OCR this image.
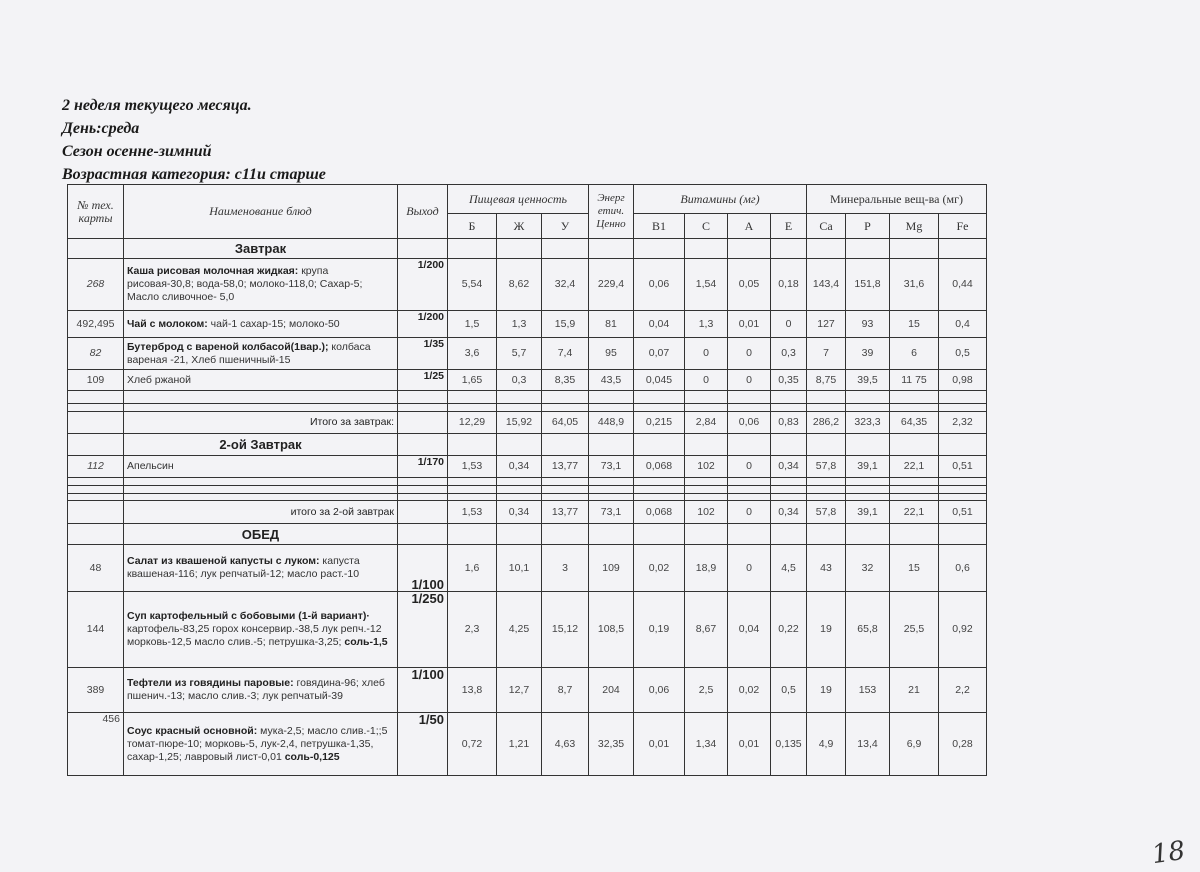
2 неделя текущего месяца.
День:среда
Сезон осенне-зимний
Возрастная категория: с11и старше
№ тех. карты	Наименование блюд	Выход	Пищевая ценность			Энерг етич. Ценно	Витамины (мг)				Минеральные вещ-ва (мг)			
			Б	Ж	У		B1	C	A	E	Ca	P	Mg	Fe
	Завтрак													
268	Каша рисовая молочная жидкая: крупа рисовая-30,8; вода-58,0; молоко-118,0; Сахар-5; Масло сливочное- 5,0	1/200	5,54	8,62	32,4	229,4	0,06	1,54	0,05	0,18	143,4	151,8	31,6	0,44
492,495	Чай с молоком: чай-1 сахар-15; молоко-50	1/200	1,5	1,3	15,9	81	0,04	1,3	0,01	0	127	93	15	0,4
82	Бутерброд с вареной колбасой(1вар.); колбаса вареная -21, Хлеб пшеничный-15	1/35	3,6	5,7	7,4	95	0,07	0	0	0,3	7	39	6	0,5
109	Хлеб ржаной	1/25	1,65	0,3	8,35	43,5	0,045	0	0	0,35	8,75	39,5	11 75	0,98

	Итого за завтрак:		12,29	15,92	64,05	448,9	0,215	2,84	0,06	0,83	286,2	323,3	64,35	2,32
	2-ой Завтрак													
112	Апельсин	1/170	1,53	0,34	13,77	73,1	0,068	102	0	0,34	57,8	39,1	22,1	0,51

	итого за 2-ой завтрак		1,53	0,34	13,77	73,1	0,068	102	0	0,34	57,8	39,1	22,1	0,51
	ОБЕД													
48	Салат из квашеной капусты с луком: капуста квашеная-116; лук репчатый-12; масло раст.-10	1/100	1,6	10,1	3	109	0,02	18,9	0	4,5	43	32	15	0,6
144	Суп картофельный с бобовыми (1-й вариант)· картофель-83,25 горох консервир.-38,5 лук репч.-12 морковь-12,5 масло слив.-5; петрушка-3,25; соль-1,5	1/250	2,3	4,25	15,12	108,5	0,19	8,67	0,04	0,22	19	65,8	25,5	0,92
389	Тефтели из говядины паровые: говядина-96; хлеб пшенич.-13; масло слив.-3; лук репчатый-39	1/100	13,8	12,7	8,7	204	0,06	2,5	0,02	0,5	19	153	21	2,2
456	Соус красный основной: мука-2,5; масло слив.-1;;5 томат-пюре-10; морковь-5, лук-2,4, петрушка-1,35, сахар-1,25; лавровый лист-0,01 соль-0,125	1/50	0,72	1,21	4,63	32,35	0,01	1,34	0,01	0,135	4,9	13,4	6,9	0,28
18
